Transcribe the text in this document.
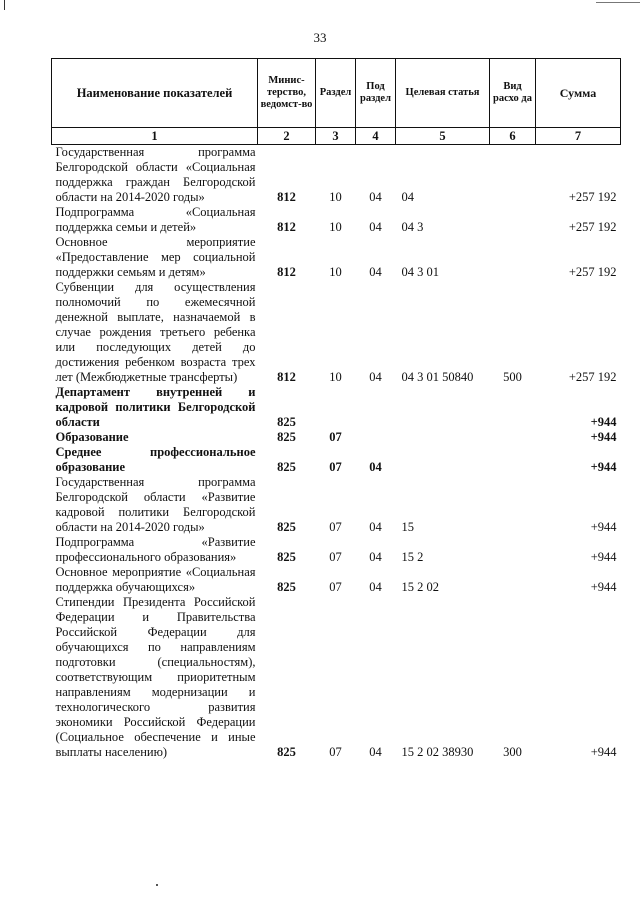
33
Наименование показателей	Минис-терство, ведомст-во	Раздел	Под раздел	Целевая статья	Вид расхо да	Сумма
1	2	3	4	5	6	7
Государственная программа Белгородской области «Социальная поддержка граждан Белгородской области на 2014-2020 годы»	812	10	04	04		+257 192
Подпрограмма «Социальная поддержка семьи и детей»	812	10	04	04 3		+257 192
Основное мероприятие «Предоставление мер социальной поддержки семьям и детям»	812	10	04	04 3 01		+257 192
Субвенции для осуществления полномочий по ежемесячной денежной выплате, назначаемой в случае рождения третьего ребенка или последующих детей до достижения ребенком возраста трех лет (Межбюджетные трансферты)	812	10	04	04 3 01 50840	500	+257 192
Департамент внутренней и кадровой политики Белгородской области	825					+944
Образование	825	07				+944
Среднее профессиональное образование	825	07	04			+944
Государственная программа Белгородской области «Развитие кадровой политики Белгородской области на 2014-2020 годы»	825	07	04	15		+944
Подпрограмма «Развитие профессионального образования»	825	07	04	15 2		+944
Основное мероприятие «Социальная поддержка обучающихся»	825	07	04	15 2 02		+944
Стипендии Президента Российской Федерации и Правительства Российской Федерации для обучающихся по направлениям подготовки (специальностям), соответствующим приоритетным направлениям модернизации и технологического развития экономики Российской Федерации (Социальное обеспечение и иные выплаты населению)	825	07	04	15 2 02 38930	300	+944
